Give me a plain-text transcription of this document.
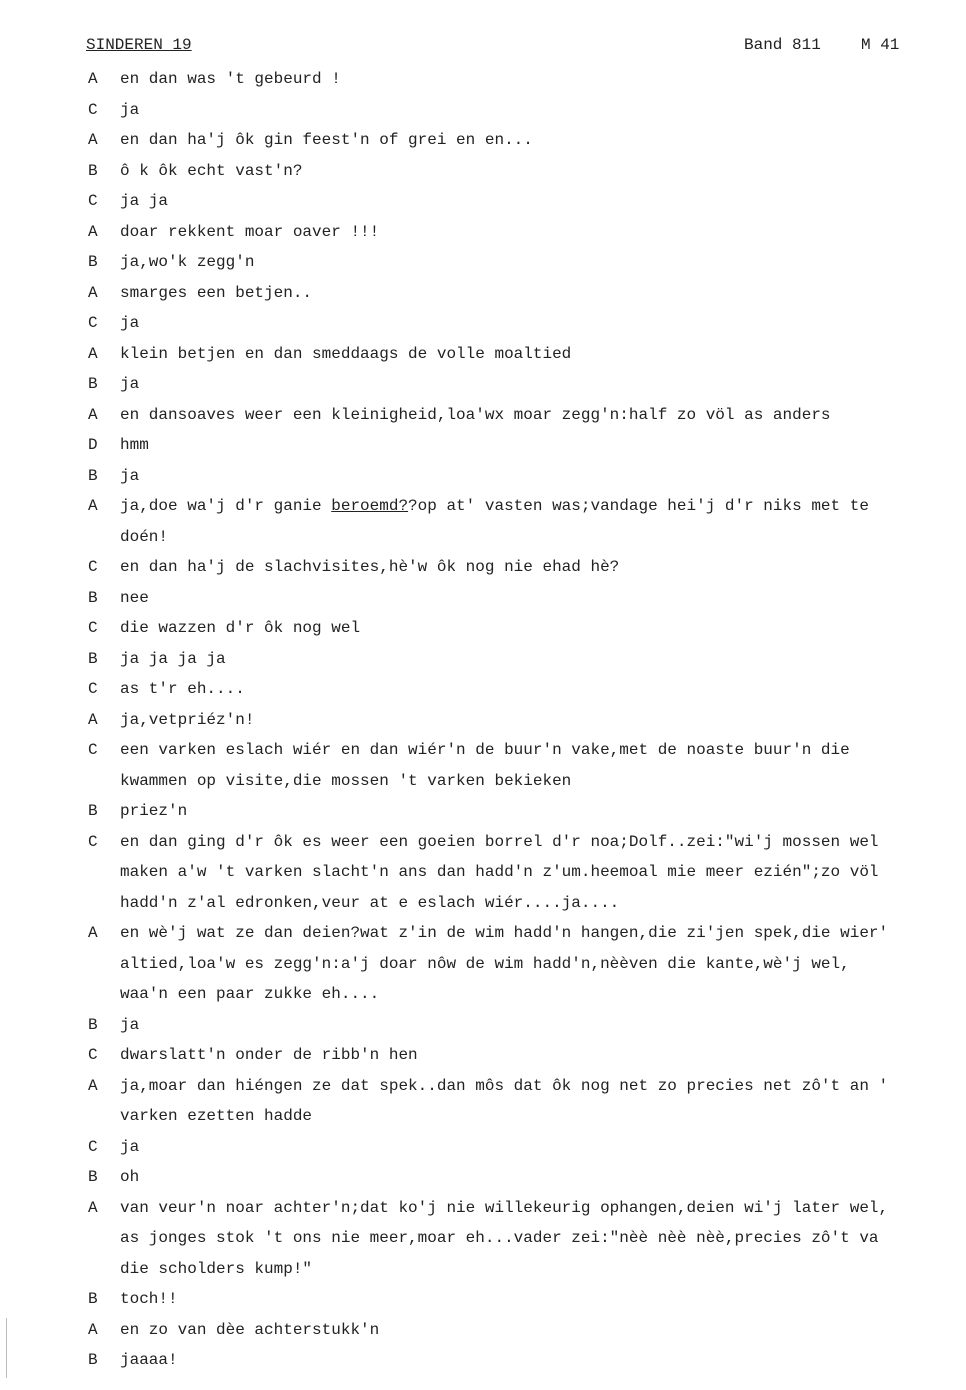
SINDEREN 19	Band 811	M 41
A en dan was 't gebeurd !
C ja
A en dan ha'j ôk gin feest'n of grei en en...
B ô k ôk echt vast'n?
C ja ja
A doar rekkent moar oaver !!!
B ja,wo'k zegg'n
A smarges een betjen..
C ja
A klein betjen en dan smeddaags de volle moaltied
B ja
A en dansoaves weer een kleinigheid,loa'wx moar zegg'n:half zo völ as anders
D hmm
B ja
A ja,doe wa'j d'r ganie beroemd??op at' vasten was;vandage hei'j d'r niks met te
doén!
C en dan ha'j de slachvisites,hè'w ôk nog nie ehad hè?
B nee
C die wazzen d'r ôk nog wel
B ja ja ja ja
C as t'r eh....
A ja,vetpriéz'n!
C een varken eslach wiér en dan wiér'n de buur'n vake,met de noaste buur'n die
kwammen op visite,die mossen 't varken bekieken
B priez'n
C en dan ging d'r ôk es weer een goeien borrel d'r noa;Dolf..zei:"wi'j mossen wel
maken a'w 't varken slacht'n ans dan hadd'n z'um.heemoal mie meer ezién";zo völ
hadd'n z'al edronken,veur at e eslach wiér....ja....
A en wè'j wat ze dan deien?wat z'in de wim hadd'n hangen,die zi'jen spek,die wier'
altied,loa'w es zegg'n:a'j doar nôw de wim hadd'n,nèèven die kante,wè'j wel,
waa'n een paar zukke eh....
B ja
C dwarslatt'n onder de ribb'n hen
A ja,moar dan hiéngen ze dat spek..dan môs dat ôk nog net zo precies net zô't an '
varken ezetten hadde
C ja
B oh
A van veur'n noar achter'n;dat ko'j nie willekeurig ophangen,deien wi'j later wel,
as jonges stok 't ons nie meer,moar eh...vader zei:"nèè nèè nèè,precies zô't va
die scholders kump!"
B toch!!
A en zo van dèe achterstukk'n
B jaaaa!
